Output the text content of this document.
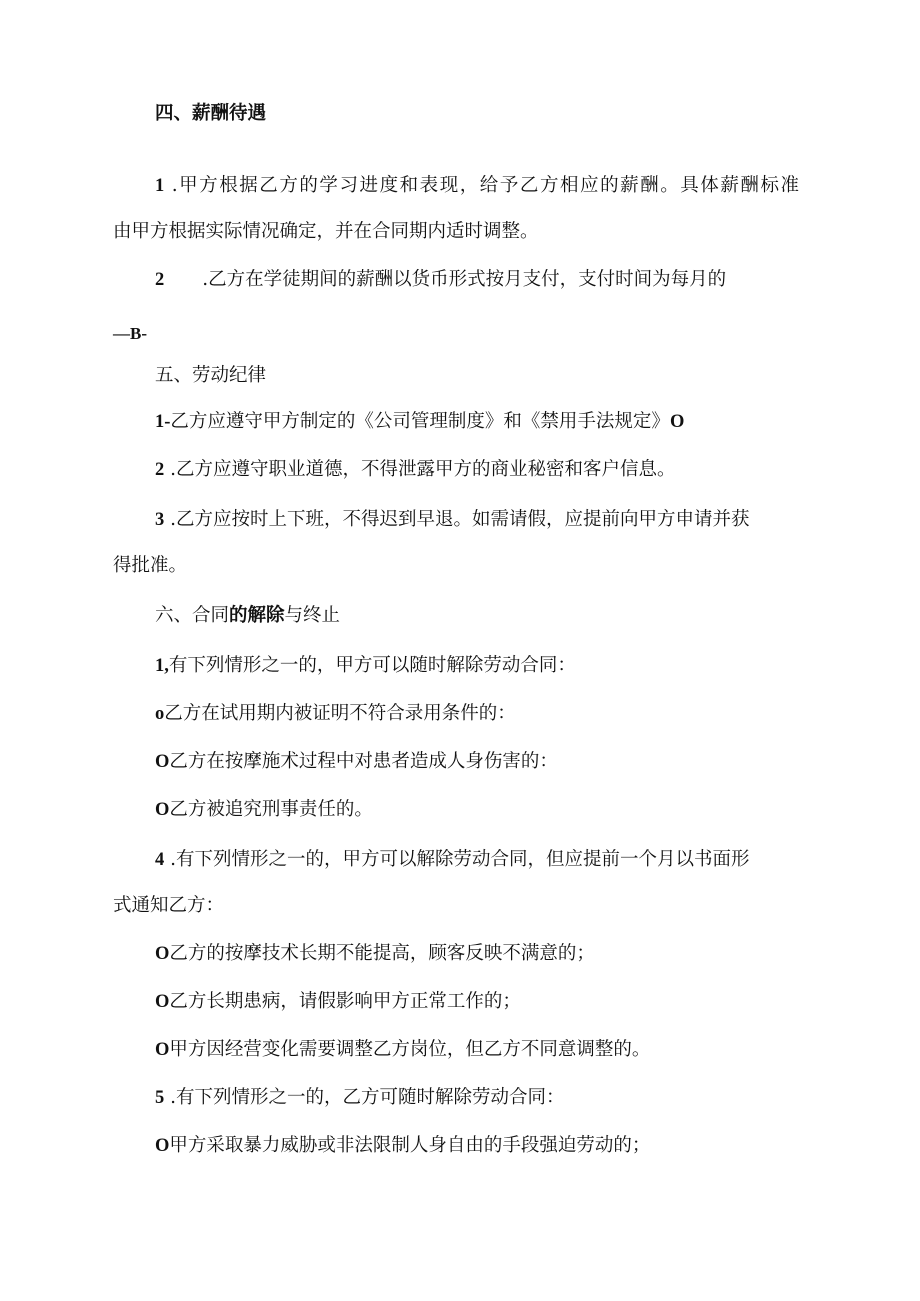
四、薪酬待遇
1 .甲方根据乙方的学习进度和表现，给予乙方相应的薪酬。具体薪酬标准
由甲方根据实际情况确定，并在合同期内适时调整。
2 .乙方在学徒期间的薪酬以货币形式按月支付，支付时间为每月的
—B-
五、劳动纪律
1-乙方应遵守甲方制定的《公司管理制度》和《禁用手法规定》O
2 .乙方应遵守职业道德，不得泄露甲方的商业秘密和客户信息。
3 .乙方应按时上下班，不得迟到早退。如需请假，应提前向甲方申请并获
得批准。
六、合同的解除与终止
1,有下列情形之一的，甲方可以随时解除劳动合同：
o乙方在试用期内被证明不符合录用条件的：
O乙方在按摩施术过程中对患者造成人身伤害的：
O乙方被追究刑事责任的。
4 .有下列情形之一的，甲方可以解除劳动合同，但应提前一个月以书面形
式通知乙方：
O乙方的按摩技术长期不能提高，顾客反映不满意的；
O乙方长期患病，请假影响甲方正常工作的；
O甲方因经营变化需要调整乙方岗位，但乙方不同意调整的。
5 .有下列情形之一的，乙方可随时解除劳动合同：
O甲方采取暴力威胁或非法限制人身自由的手段强迫劳动的；
